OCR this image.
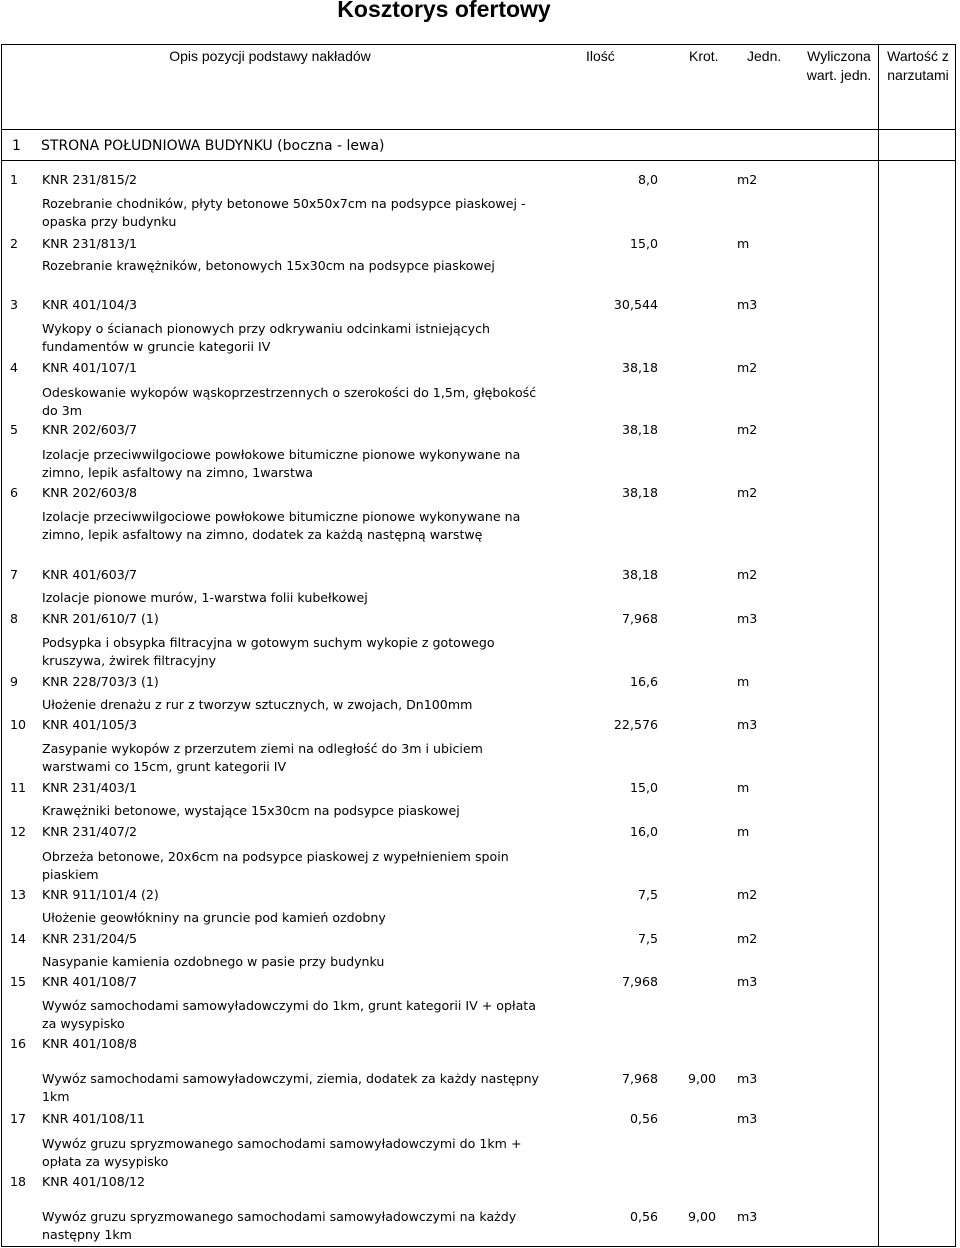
Kosztorys ofertowy
Opis pozycji podstawy nakładów	Ilość	Krot. Jedn.	Wyliczona wart. jedn.
Wartość z narzutami
1 STRONA POŁUDNIOWA BUDYNKU (boczna - lewa)
1 KNR 231/815/2
Rozebranie chodników, płyty betonowe 50x50x7cm na podsypce piaskowej - opaska przy budynku
8,0	m2
2 KNR 231/813/1
Rozebranie krawężników, betonowych 15x30cm na podsypce piaskowej
15,0	m
3 KNR 401/104/3
Wykopy o ścianach pionowych przy odkrywaniu odcinkami istniejących fundamentów w gruncie kategorii IV
30,544	m3
4 KNR 401/107/1
Odeskowanie wykopów wąskoprzestrzennych o szerokości do 1,5m, głębokość do 3m
38,18	m2
5 KNR 202/603/7
Izolacje przeciwwilgociowe powłokowe bitumiczne pionowe wykonywane na zimno, lepik asfaltowy na zimno, 1warstwa
38,18	m2
6 KNR 202/603/8
Izolacje przeciwwilgociowe powłokowe bitumiczne pionowe wykonywane na zimno, lepik asfaltowy na zimno, dodatek za każdą następną warstwę
38,18	m2
7 KNR 401/603/7
Izolacje pionowe murów, 1-warstwa folii kubełkowej
38,18	m2
8 KNR 201/610/7 (1)
Podsypka i obsypka filtracyjna w gotowym suchym wykopie z gotowego kruszywa, żwirek filtracyjny
7,968	m3
9 KNR 228/703/3 (1)
Ułożenie drenażu z rur z tworzyw sztucznych, w zwojach, Dn100mm
16,6	m
10 KNR 401/105/3
Zasypanie wykopów z przerzutem ziemi na odległość do 3m i ubiciem warstwami co 15cm, grunt kategorii IV
22,576	m3
11 KNR 231/403/1
Krawężniki betonowe, wystające 15x30cm na podsypce piaskowej
15,0	m
12 KNR 231/407/2
Obrzeża betonowe, 20x6cm na podsypce piaskowej z wypełnieniem spoin piaskiem
16,0	m
13 KNR 911/101/4 (2)
Ułożenie geowłókniny na gruncie pod kamień ozdobny
7,5	m2
14 KNR 231/204/5
Nasypanie kamienia ozdobnego w pasie przy budynku
7,5	m2
15 KNR 401/108/7
Wywóz samochodami samowyładowczymi do 1km, grunt kategorii IV + opłata za wysypisko
7,968	m3
16 KNR 401/108/8
Wywóz samochodami samowyładowczymi, ziemia, dodatek za każdy następny 1km
7,968	9,00 m3
17 KNR 401/108/11
Wywóz gruzu spryzmowanego samochodami samowyładowczymi do 1km + opłata za wysypisko
0,56	m3
18 KNR 401/108/12
Wywóz gruzu spryzmowanego samochodami samowyładowczymi na każdy następny 1km
0,56	9,00 m3
